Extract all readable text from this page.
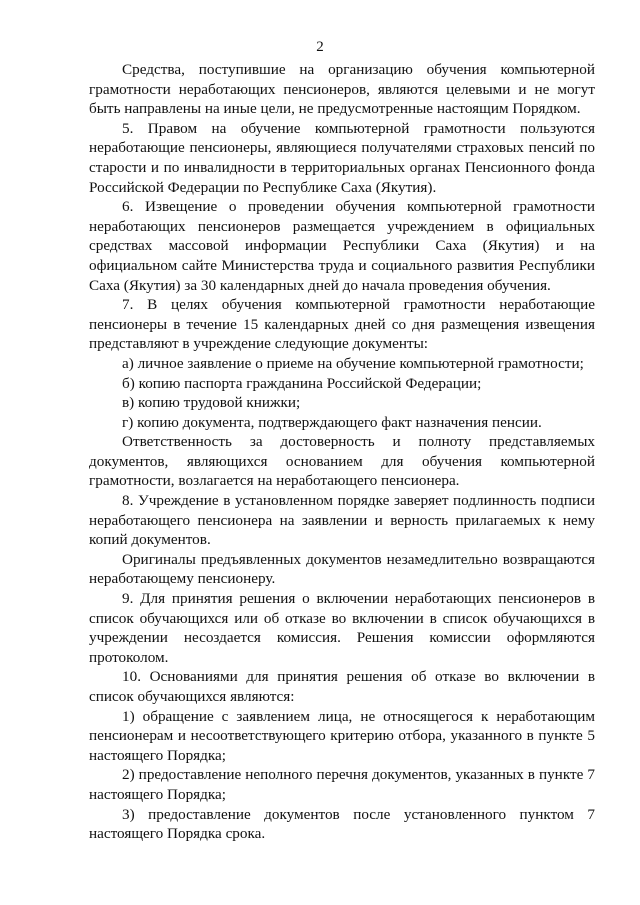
2

Средства, поступившие на организацию обучения компьютерной грамотности неработающих пенсионеров, являются целевыми и не могут быть направлены на иные цели, не предусмотренные настоящим Порядком.

5. Правом на обучение компьютерной грамотности пользуются неработающие пенсионеры, являющиеся получателями страховых пенсий по старости и по инвалидности в территориальных органах Пенсионного фонда Российской Федерации по Республике Саха (Якутия).

6. Извещение о проведении обучения компьютерной грамотности неработающих пенсионеров размещается учреждением в официальных средствах массовой информации Республики Саха (Якутия) и на официальном сайте Министерства труда и социального развития Республики Саха (Якутия) за 30 календарных дней до начала проведения обучения.

7. В целях обучения компьютерной грамотности неработающие пенсионеры в течение 15 календарных дней со дня размещения извещения представляют в учреждение следующие документы:

а) личное заявление о приеме на обучение компьютерной грамотности;

б) копию паспорта гражданина Российской Федерации;

в) копию трудовой книжки;

г) копию документа, подтверждающего факт назначения пенсии.

Ответственность за достоверность и полноту представляемых документов, являющихся основанием для обучения компьютерной грамотности, возлагается на неработающего пенсионера.

8. Учреждение в установленном порядке заверяет подлинность подписи неработающего пенсионера на заявлении и верность прилагаемых к нему копий документов.

Оригиналы предъявленных документов незамедлительно возвращаются неработающему пенсионеру.

9. Для принятия решения о включении неработающих пенсионеров в список обучающихся или об отказе во включении в список обучающихся в учреждении несоздается комиссия. Решения комиссии оформляются протоколом.

10. Основаниями для принятия решения об отказе во включении в список обучающихся являются:

1) обращение с заявлением лица, не относящегося к неработающим пенсионерам и несоответствующего критерию отбора, указанного в пункте 5 настоящего Порядка;

2) предоставление неполного перечня документов, указанных в пункте 7 настоящего Порядка;

3) предоставление документов после установленного пунктом 7 настоящего Порядка срока.
